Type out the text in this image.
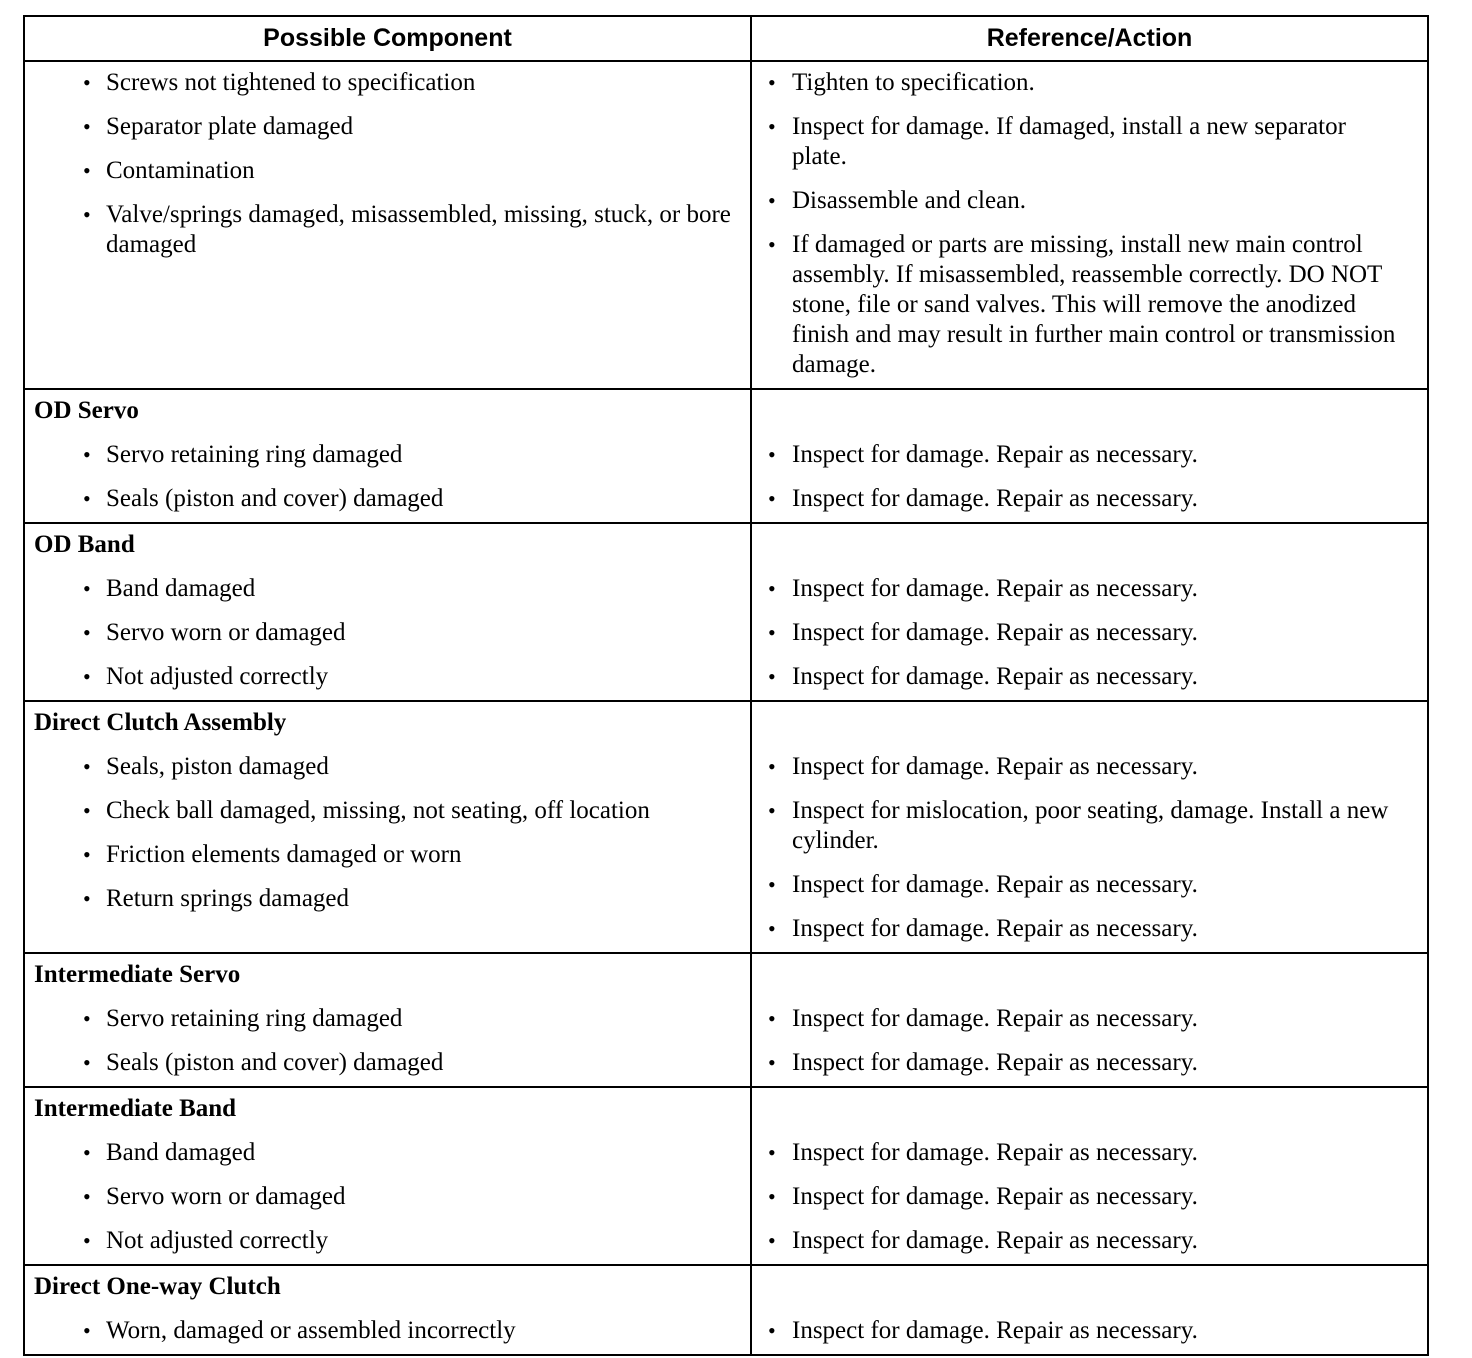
Possible Component	Reference/Action
• Screws not tightened to specification
• Separator plate damaged
• Contamination
• Valve/springs damaged, misassembled, missing, stuck, or bore damaged
• Tighten to specification.
• Inspect for damage. If damaged, install a new separator plate.
• Disassemble and clean.
• If damaged or parts are missing, install new main control assembly. If misassembled, reassemble correctly. DO NOT stone, file or sand valves. This will remove the anodized finish and may result in further main control or transmission damage.
OD Servo
• Servo retaining ring damaged
• Seals (piston and cover) damaged
• Inspect for damage. Repair as necessary.
• Inspect for damage. Repair as necessary.
OD Band
• Band damaged
• Servo worn or damaged
• Not adjusted correctly
• Inspect for damage. Repair as necessary.
• Inspect for damage. Repair as necessary.
• Inspect for damage. Repair as necessary.
Direct Clutch Assembly
• Seals, piston damaged
• Check ball damaged, missing, not seating, off location
• Friction elements damaged or worn
• Return springs damaged
• Inspect for damage. Repair as necessary.
• Inspect for mislocation, poor seating, damage. Install a new cylinder.
• Inspect for damage. Repair as necessary.
• Inspect for damage. Repair as necessary.
Intermediate Servo
• Servo retaining ring damaged
• Seals (piston and cover) damaged
• Inspect for damage. Repair as necessary.
• Inspect for damage. Repair as necessary.
Intermediate Band
• Band damaged
• Servo worn or damaged
• Not adjusted correctly
• Inspect for damage. Repair as necessary.
• Inspect for damage. Repair as necessary.
• Inspect for damage. Repair as necessary.
Direct One-way Clutch
• Worn, damaged or assembled incorrectly	• Inspect for damage. Repair as necessary.
